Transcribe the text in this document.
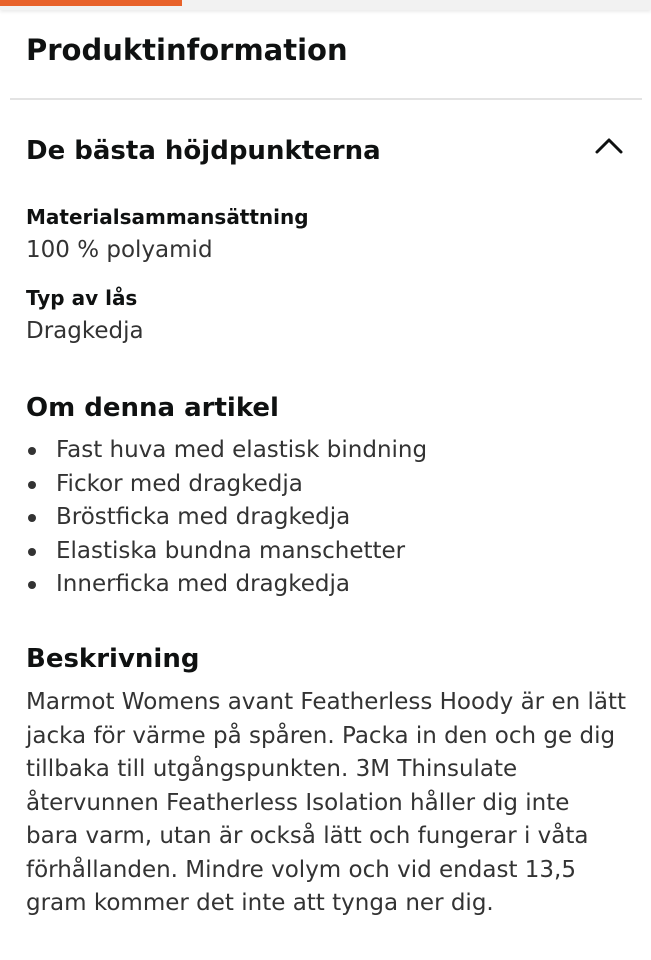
Produktinformation
De bästa höjdpunkterna

Materialsammansättning

100 % polyamid

Typ av lås

Dragkedja

Om denna artikel
Fast huva med elastisk bindning
Fickor med dragkedja
Bröstficka med dragkedja
Elastiska bundna manschetter
Innerficka med dragkedja
Beskrivning

Marmot Womens avant Featherless Hoody är en lätt jacka för värme på spåren. Packa in den och ge dig tillbaka till utgångspunkten. 3M Thinsulate återvunnen Featherless Isolation håller dig inte bara varm, utan är också lätt och fungerar i våta förhållanden. Mindre volym och vid endast 13,5 gram kommer det inte att tynga ner dig.
